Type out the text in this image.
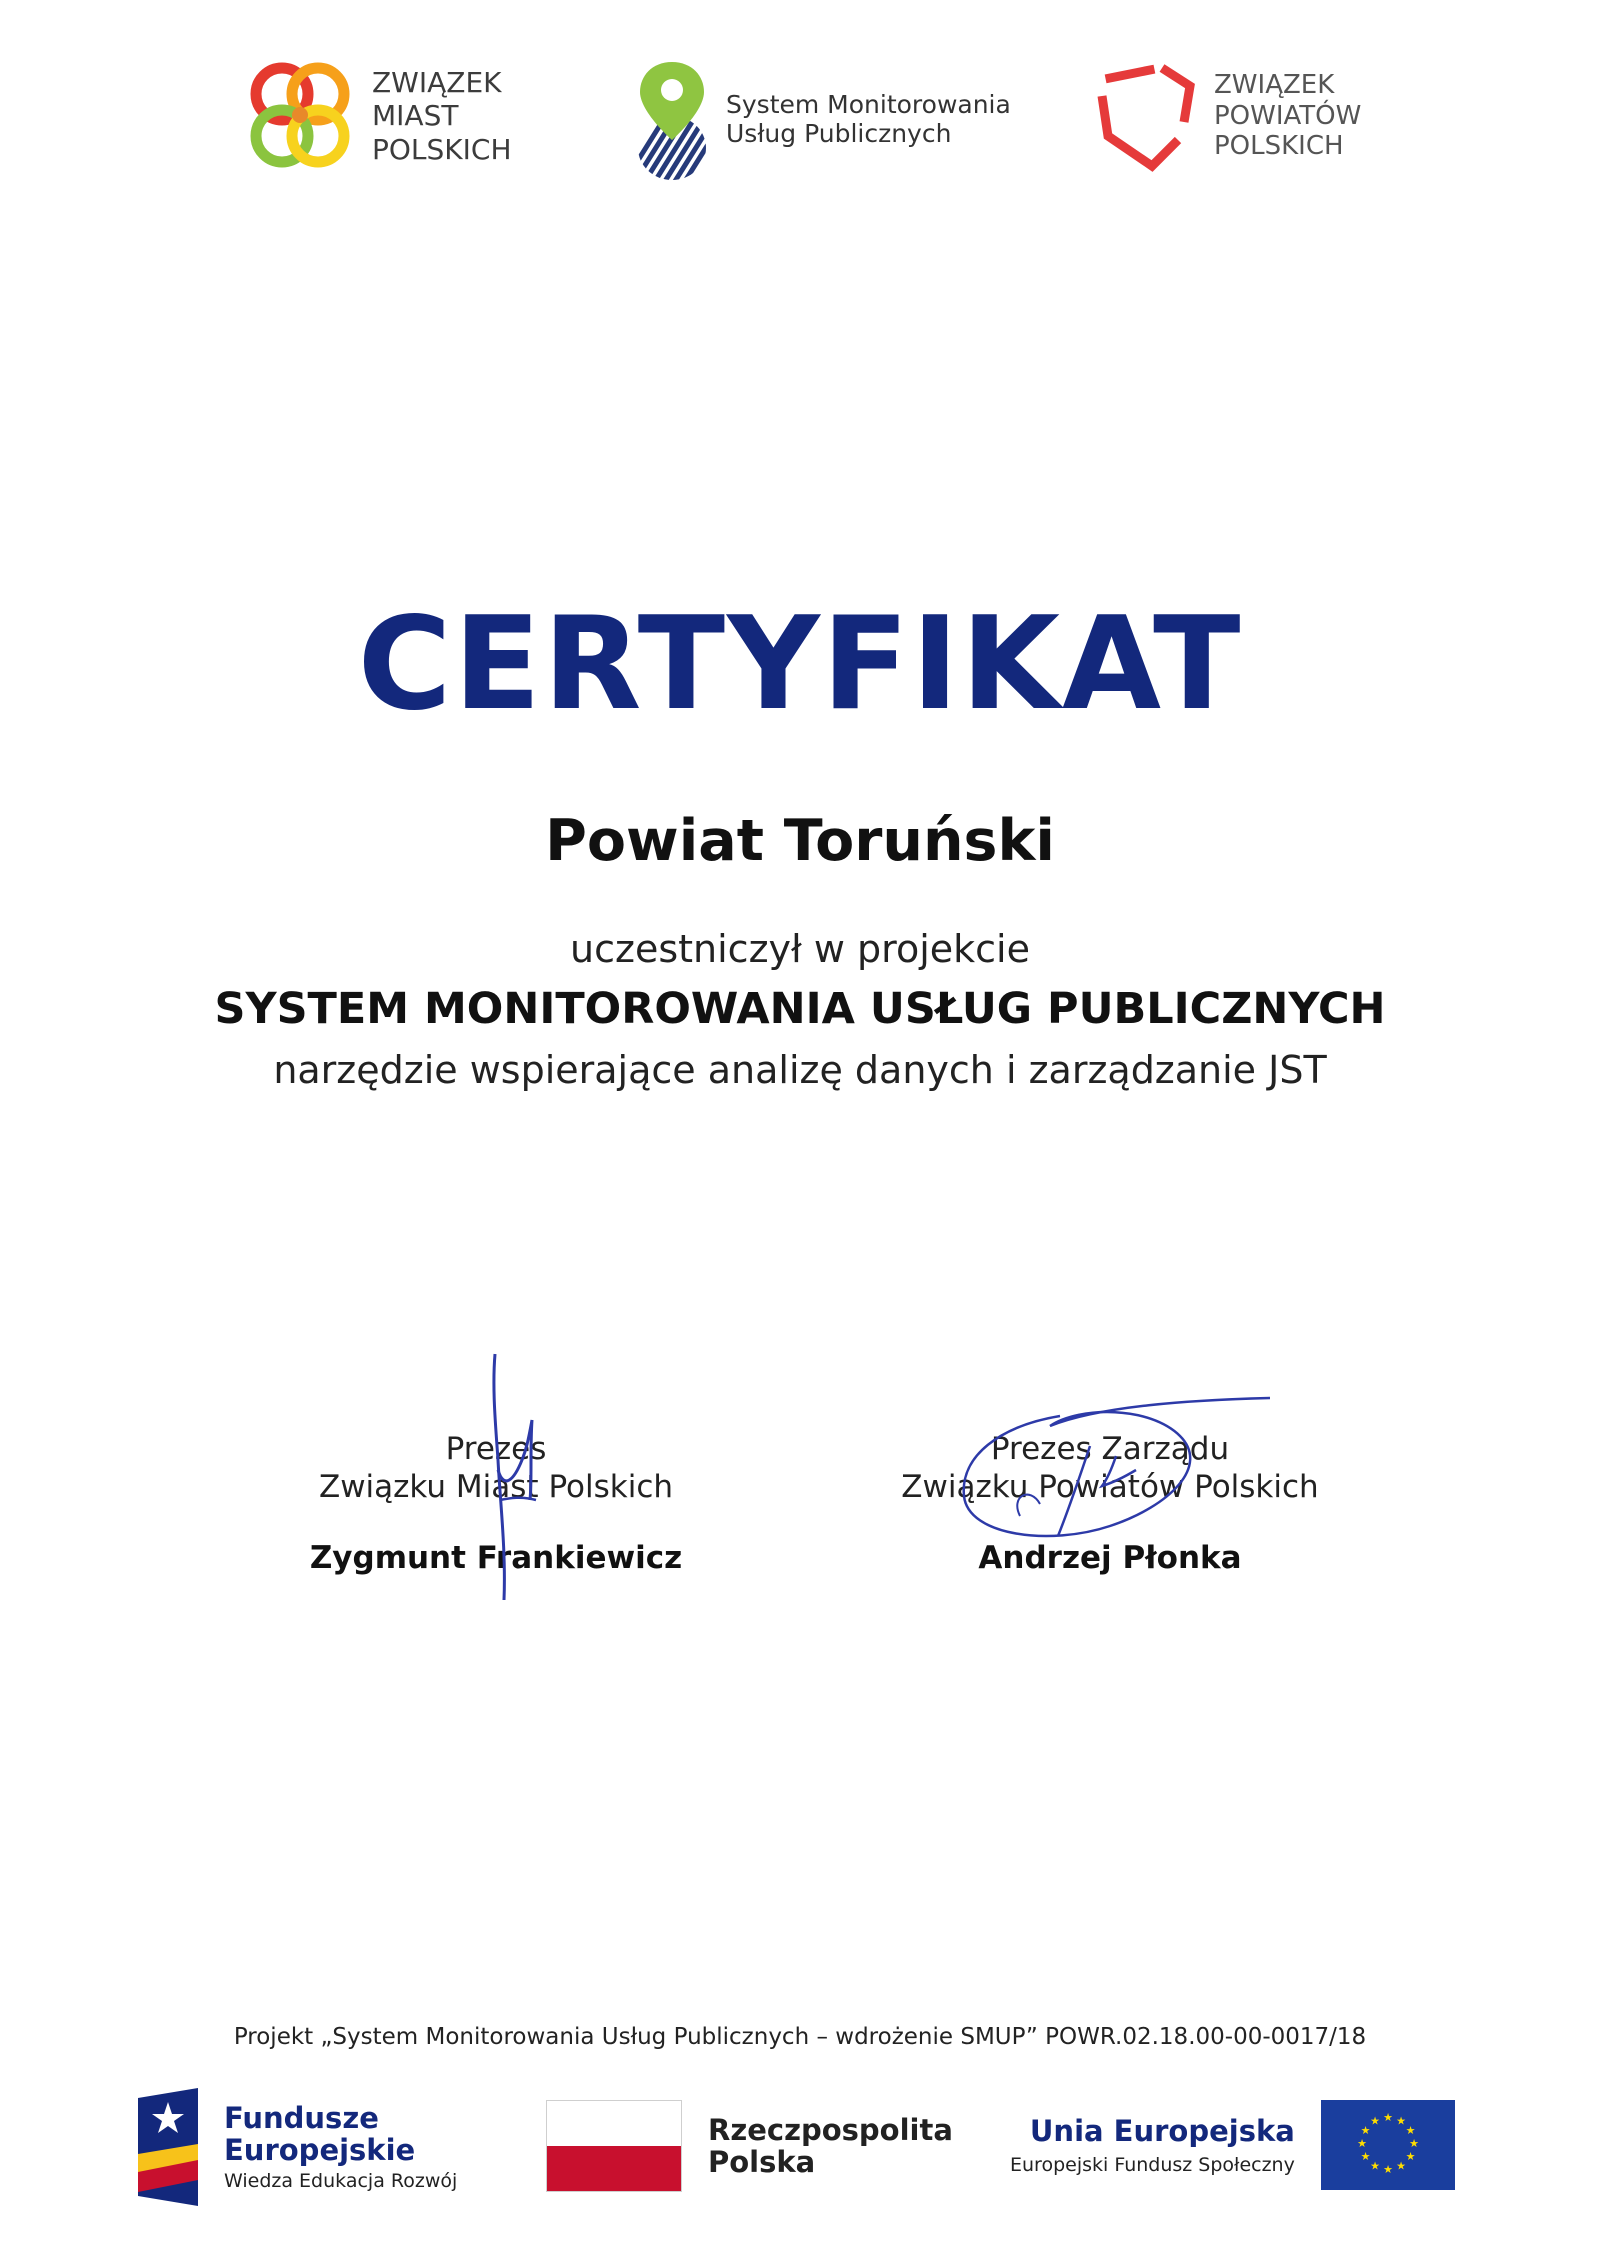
ZWIĄZEK
MIAST
POLSKICH
System Monitorowania
Usług Publicznych
ZWIĄZEK
POWIATÓW
POLSKICH
CERTYFIKAT
Powiat Toruński
uczestniczył w projekcie
SYSTEM MONITOROWANIA USŁUG PUBLICZNYCH
narzędzie wspierające analizę danych i zarządzanie JST
Prezes
Związku Miast Polskich
Zygmunt Frankiewicz
Prezes Zarządu
Związku Powiatów Polskich
Andrzej Płonka
Projekt „System Monitorowania Usług Publicznych – wdrożenie SMUP” POWR.02.18.00-00-0017/18
Fundusze
Europejskie
Wiedza Edukacja Rozwój
Rzeczpospolita
Polska
Unia Europejska
Europejski Fundusz Społeczny
★ ★
★
★
★
★
★
★
★
★
★
★
